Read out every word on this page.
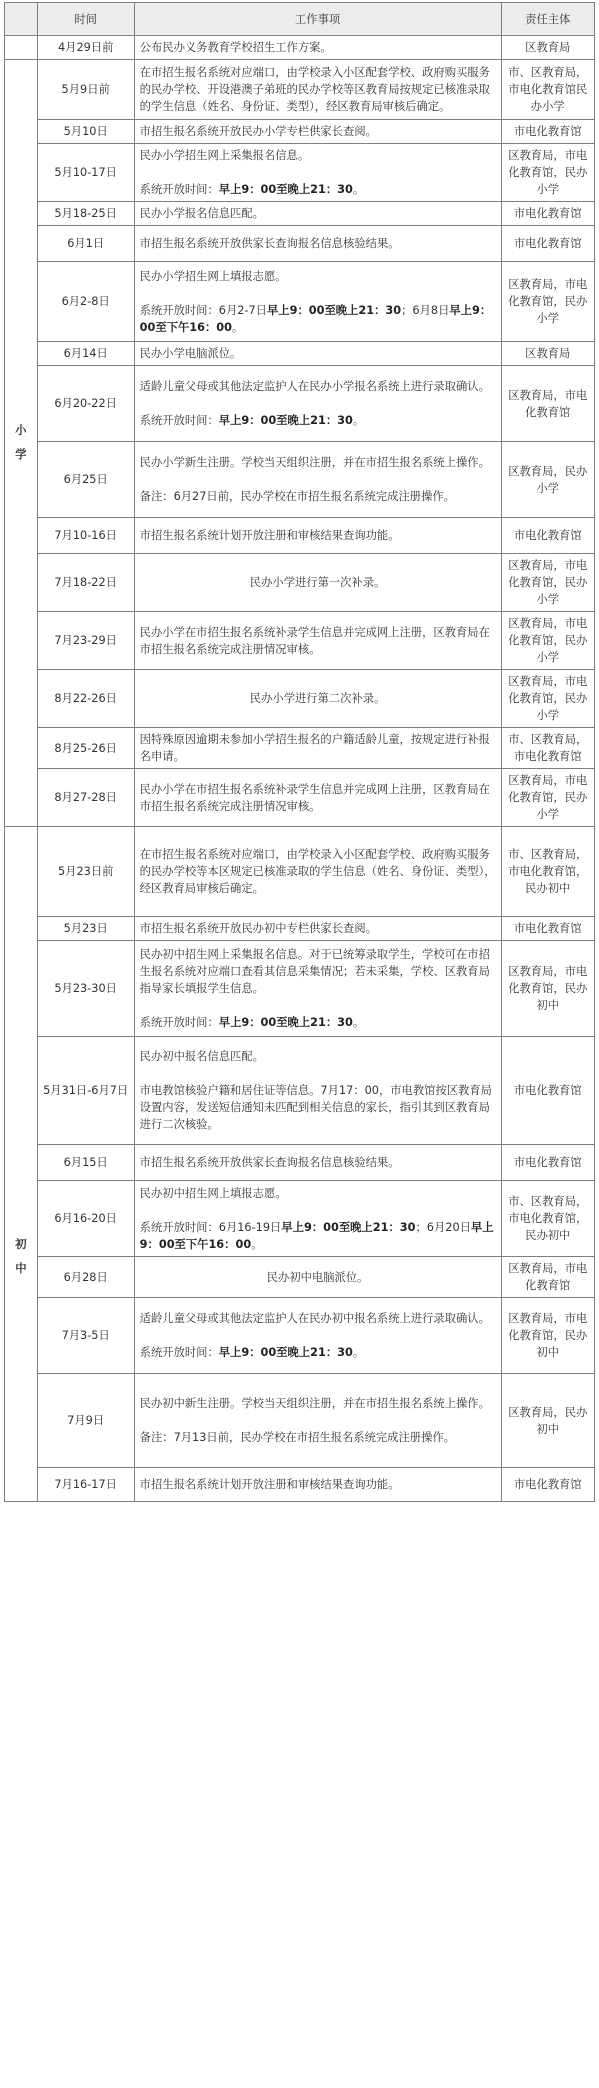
	时间	工作事项	责任主体
	4月29日前	公布民办义务教育学校招生工作方案。	区教育局

小
学	5月9日前	在市招生报名系统对应端口，由学校录入小区配套学校、政府购买服务的民办学校、开设港澳子弟班的民办学校等区教育局按规定已核准录取的学生信息（姓名、身份证、类型），经区教育局审核后确定。	市、区教育局，市电化教育馆民办小学
	5月10日	市招生报名系统开放民办小学专栏供家长查阅。	市电化教育馆
	5月10-17日	民办小学招生网上采集报名信息。
系统开放时间：早上9：00至晚上21：30。	区教育局，市电化教育馆，民办小学
	5月18-25日	民办小学报名信息匹配。	市电化教育馆
	6月1日	市招生报名系统开放供家长查询报名信息核验结果。	市电化教育馆
	6月2-8日	民办小学招生网上填报志愿。
系统开放时间：6月2-7日早上9：00至晚上21：30；6月8日早上9：00至下午16：00。	区教育局，市电化教育馆，民办小学
	6月14日	民办小学电脑派位。	区教育局
	6月20-22日	适龄儿童父母或其他法定监护人在民办小学报名系统上进行录取确认。
系统开放时间：早上9：00至晚上21：30。	区教育局，市电化教育馆
	6月25日	民办小学新生注册。学校当天组织注册，并在市招生报名系统上操作。
备注：6月27日前，民办学校在市招生报名系统完成注册操作。	区教育局，民办小学
	7月10-16日	市招生报名系统计划开放注册和审核结果查询功能。	市电化教育馆
	7月18-22日	民办小学进行第一次补录。	区教育局，市电化教育馆，民办小学
	7月23-29日	民办小学在市招生报名系统补录学生信息并完成网上注册，区教育局在市招生报名系统完成注册情况审核。	区教育局，市电化教育馆，民办小学
	8月22-26日	民办小学进行第二次补录。	区教育局，市电化教育馆，民办小学
	8月25-26日	因特殊原因逾期未参加小学招生报名的户籍适龄儿童，按规定进行补报名申请。	市、区教育局，市电化教育馆
	8月27-28日	民办小学在市招生报名系统补录学生信息并完成网上注册，区教育局在市招生报名系统完成注册情况审核。	区教育局，市电化教育馆，民办小学

初
中	5月23日前	在市招生报名系统对应端口，由学校录入小区配套学校、政府购买服务的民办学校等本区规定已核准录取的学生信息（姓名、身份证、类型），经区教育局审核后确定。	市、区教育局，市电化教育馆，民办初中
	5月23日	市招生报名系统开放民办初中专栏供家长查阅。	市电化教育馆
	5月23-30日	民办初中招生网上采集报名信息。对于已统筹录取学生，学校可在市招生报名系统对应端口查看其信息采集情况；若未采集，学校、区教育局指导家长填报学生信息。
系统开放时间：早上9：00至晚上21：30。	区教育局，市电化教育馆，民办初中
	5月31日-6月7日	民办初中报名信息匹配。
市电教馆核验户籍和居住证等信息。7月17：00，市电教馆按区教育局设置内容，发送短信通知未匹配到相关信息的家长，指引其到区教育局进行二次核验。	市电化教育馆
	6月15日	市招生报名系统开放供家长查询报名信息核验结果。	市电化教育馆
	6月16-20日	民办初中招生网上填报志愿。
系统开放时间：6月16-19日早上9：00至晚上21：30；6月20日早上9：00至下午16：00。	市、区教育局，市电化教育馆，民办初中
	6月28日	民办初中电脑派位。	区教育局，市电化教育馆
	7月3-5日	适龄儿童父母或其他法定监护人在民办初中报名系统上进行录取确认。
系统开放时间：早上9：00至晚上21：30。	区教育局，市电化教育馆，民办初中
	7月9日	民办初中新生注册。学校当天组织注册，并在市招生报名系统上操作。
备注：7月13日前，民办学校在市招生报名系统完成注册操作。	区教育局，民办初中
	7月16-17日	市招生报名系统计划开放注册和审核结果查询功能。	市电化教育馆
